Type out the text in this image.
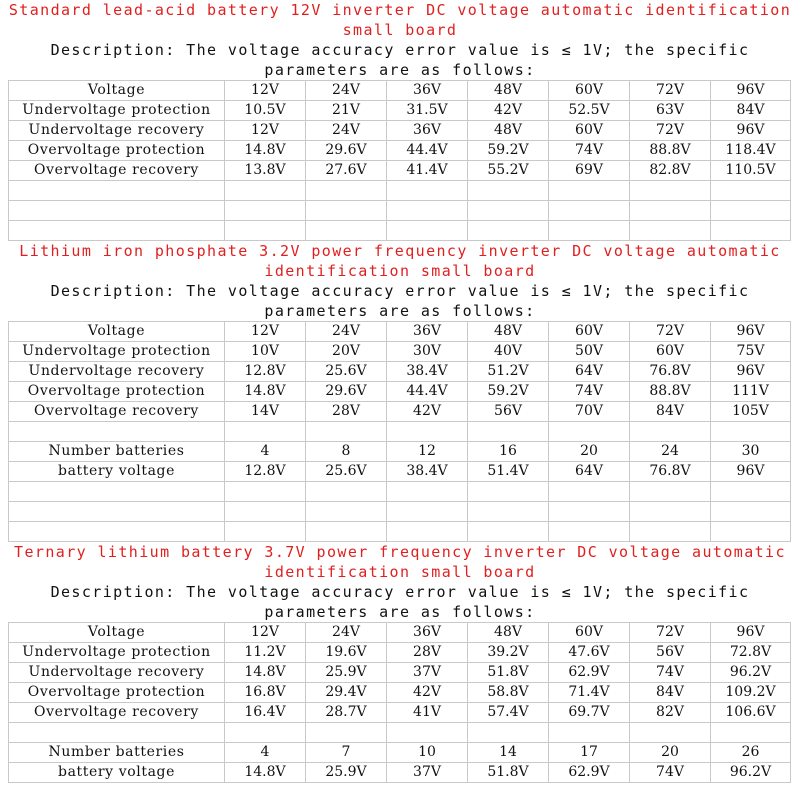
Standard lead-acid battery 12V inverter DC voltage automatic identification small board
Description: The voltage accuracy error value is ≤ 1V; the specific parameters are as follows:
Voltage	12V	24V	36V	48V	60V	72V	96V
Undervoltage protection	10.5V	21V	31.5V	42V	52.5V	63V	84V
Undervoltage recovery	12V	24V	36V	48V	60V	72V	96V
Overvoltage protection	14.8V	29.6V	44.4V	59.2V	74V	88.8V	118.4V
Overvoltage recovery	13.8V	27.6V	41.4V	55.2V	69V	82.8V	110.5V

Lithium iron phosphate 3.2V power frequency inverter DC voltage automatic identification small board
Description: The voltage accuracy error value is ≤ 1V; the specific parameters are as follows:
Voltage	12V	24V	36V	48V	60V	72V	96V
Undervoltage protection	10V	20V	30V	40V	50V	60V	75V
Undervoltage recovery	12.8V	25.6V	38.4V	51.2V	64V	76.8V	96V
Overvoltage protection	14.8V	29.6V	44.4V	59.2V	74V	88.8V	111V
Overvoltage recovery	14V	28V	42V	56V	70V	84V	105V

Number batteries	4	8	12	16	20	24	30
battery voltage	12.8V	25.6V	38.4V	51.4V	64V	76.8V	96V

Ternary lithium battery 3.7V power frequency inverter DC voltage automatic identification small board
Description: The voltage accuracy error value is ≤ 1V; the specific parameters are as follows:
Voltage	12V	24V	36V	48V	60V	72V	96V
Undervoltage protection	11.2V	19.6V	28V	39.2V	47.6V	56V	72.8V
Undervoltage recovery	14.8V	25.9V	37V	51.8V	62.9V	74V	96.2V
Overvoltage protection	16.8V	29.4V	42V	58.8V	71.4V	84V	109.2V
Overvoltage recovery	16.4V	28.7V	41V	57.4V	69.7V	82V	106.6V

Number batteries	4	7	10	14	17	20	26
battery voltage	14.8V	25.9V	37V	51.8V	62.9V	74V	96.2V
